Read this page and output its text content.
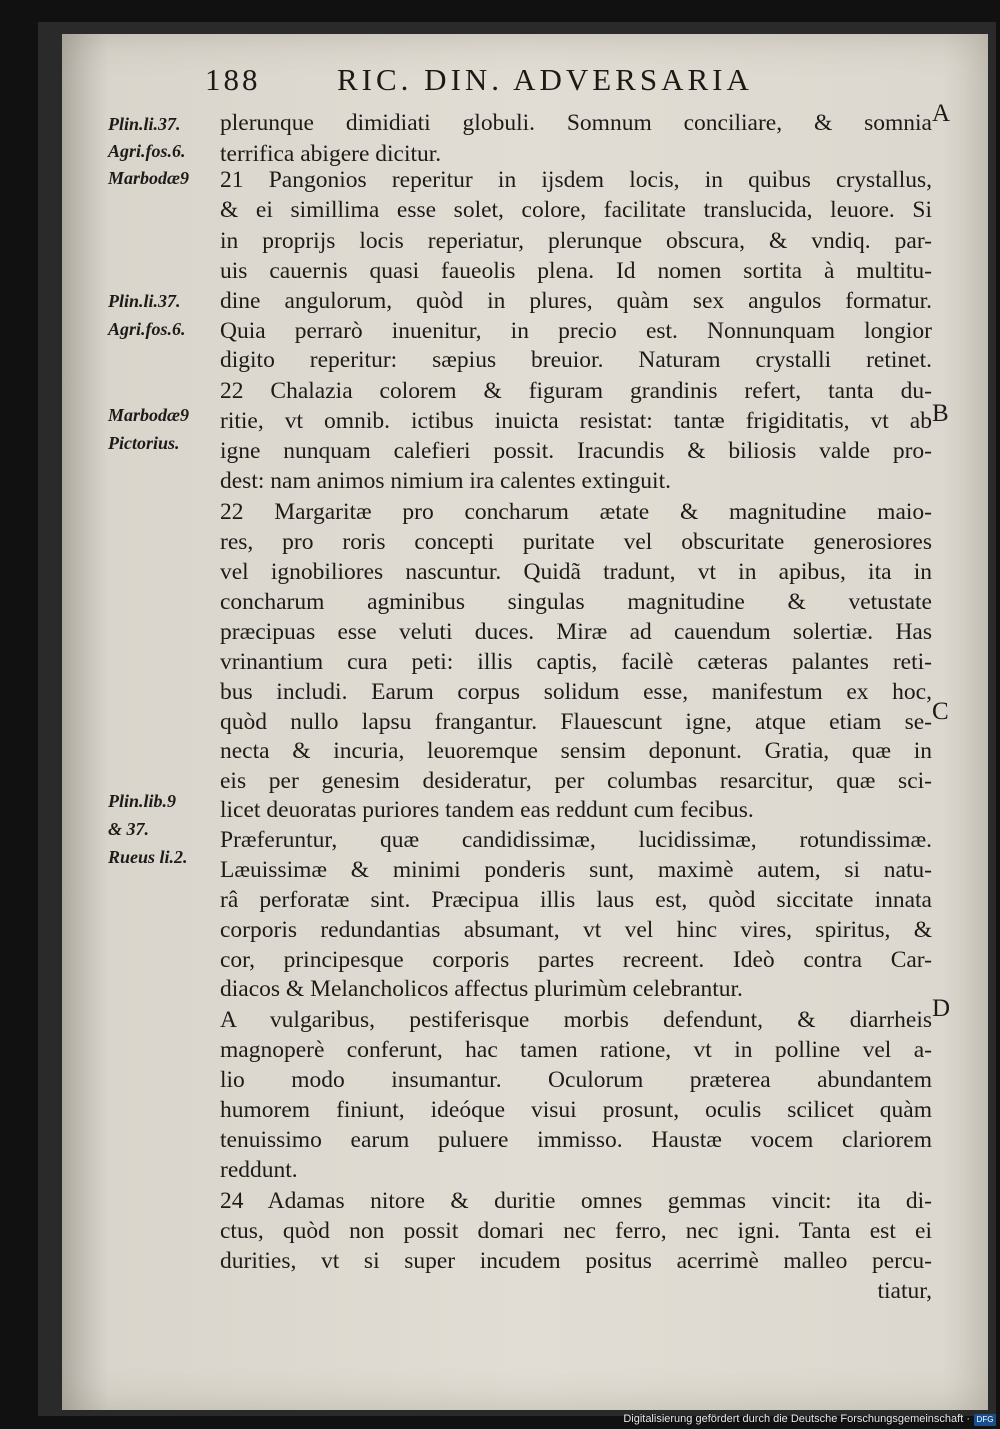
188 RIC. DIN. ADVERSARIA
Plin.li.37.
Agri.fos.6.
Marbodæ9
Plin.li.37.
Agri.fos.6.
Marbodæ9
Pictorius.
Plin.lib.9
& 37.
Rueus li.2.
A
B
C
D
plerunque dimidiati globuli. Somnum conciliare, & somnia
terrifica abigere dicitur.
21 Pangonios reperitur in ijsdem locis, in quibus crystallus,
& ei simillima esse solet, colore, facilitate translucida, leuore. Si
in proprijs locis reperiatur, plerunque obscura, & vndiq. par-
uis cauernis quasi faueolis plena. Id nomen sortita à multitu-
dine angulorum, quòd in plures, quàm sex angulos formatur.
Quia perrarò inuenitur, in precio est. Nonnunquam longior
digito reperitur: sæpius breuior. Naturam crystalli retinet.
22 Chalazia colorem & figuram grandinis refert, tanta du-
ritie, vt omnib. ictibus inuicta resistat: tantæ frigiditatis, vt ab
igne nunquam calefieri possit. Iracundis & biliosis valde pro-
dest: nam animos nimium ira calentes extinguit.
22 Margaritæ pro concharum ætate & magnitudine maio-
res, pro roris concepti puritate vel obscuritate generosiores
vel ignobiliores nascuntur. Quidã tradunt, vt in apibus, ita in
concharum agminibus singulas magnitudine & vetustate
præcipuas esse veluti duces. Miræ ad cauendum solertiæ. Has
vrinantium cura peti: illis captis, facilè cæteras palantes reti-
bus includi. Earum corpus solidum esse, manifestum ex hoc,
quòd nullo lapsu frangantur. Flauescunt igne, atque etiam se-
necta & incuria, leuoremque sensim deponunt. Gratia, quæ in
eis per genesim desideratur, per columbas resarcitur, quæ sci-
licet deuoratas puriores tandem eas reddunt cum fecibus.
Præferuntur, quæ candidissimæ, lucidissimæ, rotundissimæ.
Læuissimæ & minimi ponderis sunt, maximè autem, si natu-
râ perforatæ sint. Præcipua illis laus est, quòd siccitate innata
corporis redundantias absumant, vt vel hinc vires, spiritus, &
cor, principesque corporis partes recreent. Ideò contra Car-
diacos & Melancholicos affectus plurimùm celebrantur.
A vulgaribus, pestiferisque morbis defendunt, & diarrheis
magnoperè conferunt, hac tamen ratione, vt in polline vel a-
lio modo insumantur. Oculorum præterea abundantem
humorem finiunt, ideóque visui prosunt, oculis scilicet quàm
tenuissimo earum puluere immisso. Haustæ vocem clariorem
reddunt.
24 Adamas nitore & duritie omnes gemmas vincit: ita di-
ctus, quòd non possit domari nec ferro, nec igni. Tanta est ei
durities, vt si super incudem positus acerrimè malleo percu-
tiatur,
Digitalisierung gefördert durch die Deutsche Forschungsgemeinschaft · DFG
